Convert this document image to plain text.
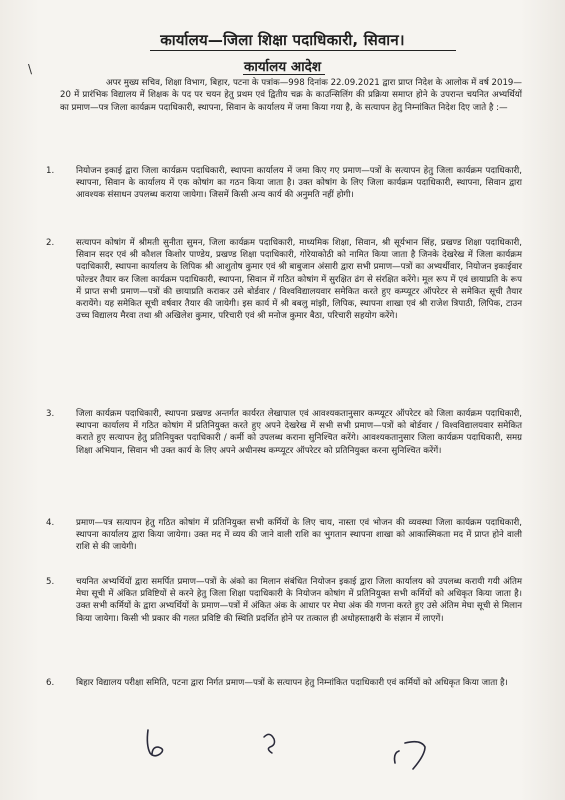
\
कार्यालय—जिला शिक्षा पदाधिकारी, सिवान।
कार्यालय आदेश
अपर मुख्य सचिव, शिक्षा विभाग, बिहार, पटना के पत्रांक—998 दिनांक 22.09.2021 द्वारा प्राप्त निदेश के आलोक में वर्ष 2019—20 में प्रारंभिक विद्यालय में शिक्षक के पद पर चयन हेतु प्रथम एवं द्वितीय चक्र के काउन्सिलिंग की प्रक्रिया समाप्त होने के उपरान्त चयनित अभ्यर्थियों का प्रमाण—पत्र जिला कार्यक्रम पदाधिकारी, स्थापना, सिवान के कार्यालय में जमा किया गया है, के सत्यापन हेतु निम्नांकित निदेश दिए जाते है :—
1.	नियोजन इकाई द्वारा जिला कार्यक्रम पदाधिकारी, स्थापना कार्यालय में जमा किए गए प्रमाण—पत्रों के सत्यापन हेतु जिला कार्यक्रम पदाधिकारी, स्थापना, सिवान के कार्यालय में एक कोषांग का गठन किया जाता है। उक्त कोषांग के लिए जिला कार्यक्रम पदाधिकारी, स्थापना, सिवान द्वारा आवश्यक संसाधन उपलब्ध कराया जायेगा। जिसमें किसी अन्य कार्य की अनुमति नहीं होगी।
2.	सत्यापन कोषांग में श्रीमती सुनीता सुमन, जिला कार्यक्रम पदाधिकारी, माध्यमिक शिक्षा, सिवान, श्री सूर्यभान सिंह, प्रखण्ड शिक्षा पदाधिकारी, सिवान सदर एवं श्री कौशल किशोर पाण्डेय, प्रखण्ड शिक्षा पदाधिकारी, गोरेयाकोठी को नामित किया जाता है जिनके देखरेख में जिला कार्यक्रम पदाधिकारी, स्थापना कार्यालय के लिपिक श्री आशुतोष कुमार एवं श्री बाबुजान अंसारी द्वारा सभी प्रमाण—पत्रों का अभ्यर्थीवार, नियोजन इकाईवार फोल्डर तैयार कर जिला कार्यक्रम पदाधिकारी, स्थापना, सिवान में गठित कोषांग में सुरक्षित ढंग से संरक्षित करेंगे। मूल रूप में एवं छायाप्रति के रूप में प्राप्त सभी प्रमाण—पत्रों की छायाप्रति कराकर उसे बोर्डवार / विश्वविद्यालयवार समेकित करते हुए कम्प्यूटर ऑपरेटर से समेकित सूची तैयार करायेंगे। यह समेकित सूची वर्षवार तैयार की जायेगी। इस कार्य में श्री बबलु मांझी, लिपिक, स्थापना शाखा एवं श्री राजेश त्रिपाठी, लिपिक, टाउन उच्च विद्यालय मैरवा तथा श्री अखिलेश कुमार, परिचारी एवं श्री मनोज कुमार बैठा, परिचारी सहयोग करेंगे।
3.	जिला कार्यक्रम पदाधिकारी, स्थापना प्रखण्ड अन्तर्गत कार्यरत लेखापाल एवं आवश्यकतानुसार कम्प्यूटर ऑपरेटर को जिला कार्यक्रम पदाधिकारी, स्थापना कार्यालय में गठित कोषांग में प्रतिनियुक्त करते हुए अपने देखरेख में सभी सभी प्रमाण—पत्रों को बोर्डवार / विश्वविद्यालयवार समेकित कराते हुए सत्यापन हेतु प्रतिनियुक्त पदाधिकारी / कर्मी को उपलब्ध कराना सुनिश्चित करेंगे। आवश्यकतानुसार जिला कार्यक्रम पदाधिकारी, समग्र शिक्षा अभियान, सिवान भी उक्त कार्य के लिए अपने अधीनस्थ कम्प्यूटर ऑपरेटर को प्रतिनियुक्त करना सुनिश्चित करेंगें।
4.	प्रमाण—पत्र सत्यापन हेतु गठित कोषांग में प्रतिनियुक्त सभी कर्मियों के लिए चाय, नास्ता एवं भोजन की व्यवस्था जिला कार्यक्रम पदाधिकारी, स्थापना कार्यालय द्वारा किया जायेगा। उक्त मद में व्यय की जाने वाली राशि का भुगतान स्थापना शाखा को आकास्मिकता मद में प्राप्त होने वाली राशि से की जायेगी।
5.	चयनित अभ्यर्थियों द्वारा समर्पित प्रमाण—पत्रों के अंको का मिलान संबंधित नियोजन इकाई द्वारा जिला कार्यालय को उपलब्ध करायी गयी अंतिम मेघा सूची में अंकित प्रविष्टियों से करने हेतु जिला शिक्षा पदाधिकारी के नियोजन कोषांग में प्रतिनियुक्त सभी कर्मियों को अधिकृत किया जाता है। उक्त सभी कर्मियों के द्वारा अभ्यर्थियों के प्रमाण—पत्रों में अंकित अंक के आधार पर मेघा अंक की गणना करते हुए उसे अंतिम मेघा सूची से मिलान किया जायेगा। किसी भी प्रकार की गलत प्रविष्टि की स्थिति प्रदर्शित होने पर तत्‍काल ही अधोहस्ताक्षरी के संज्ञान में लाएगें।
6.	बिहार विद्यालय परीक्षा समिति, पटना द्वारा निर्गत प्रमाण—पत्रों के सत्यापन हेतु निम्नांकित पदाधिकारी एवं कर्मियों को अधिकृत किया जाता है।
